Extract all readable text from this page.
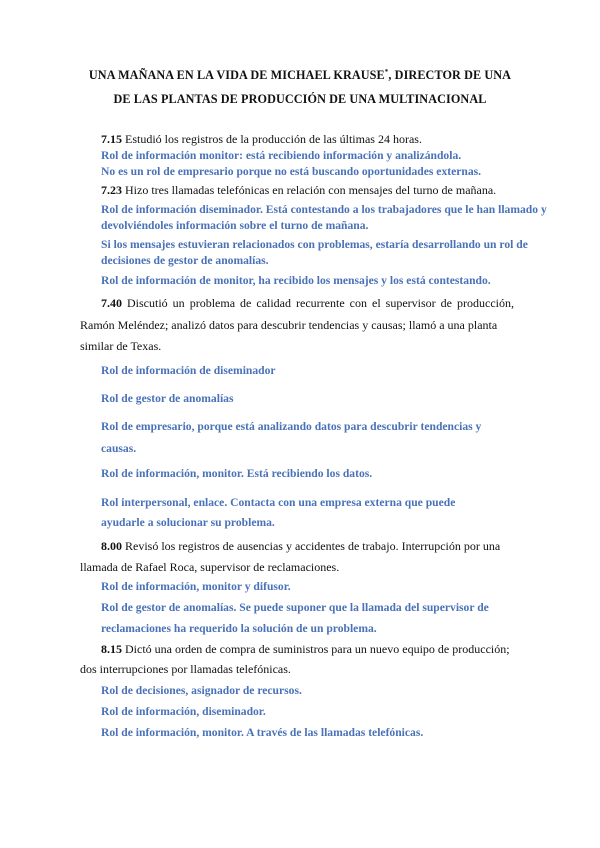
UNA MAÑANA EN LA VIDA DE MICHAEL KRAUSE*, DIRECTOR DE UNA
DE LAS PLANTAS DE PRODUCCIÓN DE UNA MULTINACIONAL
7.15 Estudió los registros de la producción de las últimas 24 horas.
Rol de información monitor: está recibiendo información y analizándola.
No es un rol de empresario porque no está buscando oportunidades externas.
7.23 Hizo tres llamadas telefónicas en relación con mensajes del turno de mañana.
Rol de información diseminador. Está contestando a los trabajadores que le han llamado y
devolviéndoles información sobre el turno de mañana.
Si los mensajes estuvieran relacionados con problemas, estaría desarrollando un rol de
decisiones de gestor de anomalías.
Rol de información de monitor, ha recibido los mensajes y los está contestando.
7.40 Discutió un problema de calidad recurrente con el supervisor de producción,
Ramón Meléndez; analizó datos para descubrir tendencias y causas; llamó a una planta
similar de Texas.
Rol de información de diseminador
Rol de gestor de anomalías
Rol de empresario, porque está analizando datos para descubrir tendencias y
causas.
Rol de información, monitor. Está recibiendo los datos.
Rol interpersonal, enlace. Contacta con una empresa externa que puede
ayudarle a solucionar su problema.
8.00 Revisó los registros de ausencias y accidentes de trabajo. Interrupción por una
llamada de Rafael Roca, supervisor de reclamaciones.
Rol de información, monitor y difusor.
Rol de gestor de anomalías. Se puede suponer que la llamada del supervisor de
reclamaciones ha requerido la solución de un problema.
8.15 Dictó una orden de compra de suministros para un nuevo equipo de producción;
dos interrupciones por llamadas telefónicas.
Rol de decisiones, asignador de recursos.
Rol de información, diseminador.
Rol de información, monitor. A través de las llamadas telefónicas.
